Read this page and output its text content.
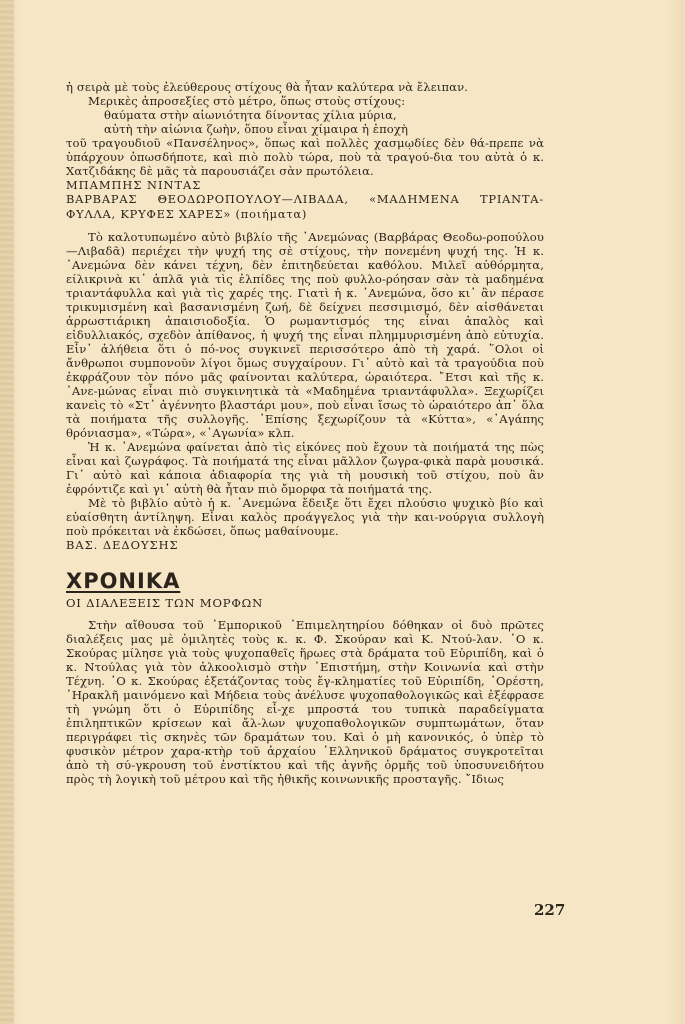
ἡ σειρὰ μὲ τοὺς ἐλεύθερους στίχους θὰ ἦταν καλύτερα νὰ ἔλειπαν.

Μερικὲς ἀπροσεξίες στὸ μέτρο, ὅπως στοὺς στίχους:

θαύματα στὴν αἰωνιότητα δίνοντας χίλια μύρια,

αὐτὴ τὴν αἰώνια ζωὴν, ὅπου εἶναι χίμαιρα ἡ ἐποχὴ

τοῦ τραγουδιοῦ «Πανσέληνος», ὅπως καὶ πολλὲς χασμῳδίες δὲν θά-πρεπε νὰ ὑπάρχουν ὁπωσδήποτε, καὶ πιὸ πολὺ τώρα, ποὺ τὰ τραγού-δια του αὐτὰ ὁ κ. Χατζιδάκης δὲ μᾶς τὰ παρουσιάζει σὰν πρωτόλεια.

ΜΠΑΜΠΗΣ ΝΙΝΤΑΣ

ΒΑΡΒΑΡΑΣ ΘΕΟΔΩΡΟΠΟΥΛΟΥ—ΛΙΒΑΔΑ, «ΜΑΔΗΜΕΝΑ ΤΡΙΑΝΤΑ-ΦΥΛΛΑ, ΚΡΥΦΕΣ ΧΑΡΕΣ» (ποιήματα)

Τὸ καλοτυπωμένο αὐτὸ βιβλίο τῆς ᾿Ανεμώνας (Βαρβάρας Θεοδω-ροπούλου—Λιβαδᾶ) περιέχει τὴν ψυχή της σὲ στίχους, τὴν πονεμένη ψυχή της. Ἡ κ. ᾿Ανεμώνα δὲν κάνει τέχνη, δὲν ἐπιτηδεύεται καθόλου. Μιλεῖ αὐθόρμητα, είλικρινὰ κι᾿ ἁπλᾶ γιὰ τὶς ἐλπίδες της ποὺ φυλλο-ρόησαν σὰν τὰ μαδημένα τριαντάφυλλα καὶ γιὰ τὶς χαρές της. Γιατὶ ἡ κ. ᾿Ανεμώνα, ὅσο κι᾿ ἂν πέρασε τρικυμισμένη καὶ βασανισμένη ζωή, δὲ δείχνει πεσσιμισμό, δὲν αἰσθάνεται ἀρρωστιάρικη ἀπαισιοδοξία. Ὁ ρωμαντισμός της εἶναι ἁπαλὸς καὶ εἰδυλλιακός, σχεδὸν ἀπίθανος, ἡ ψυχή της εἶναι πλημμυρισμένη ἀπὸ εὐτυχία. Εἶν᾿ ἀλήθεια ὅτι ὁ πό-νος συγκινεῖ περισσότερο ἀπὸ τὴ χαρά. ῞Ολοι οἱ ἄνθρωποι συμπονοῦν λίγοι ὅμως συγχαίρουν. Γι᾿ αὐτὸ καὶ τὰ τραγούδια ποὺ ἐκφράζουν τὸν πόνο μᾶς φαίνονται καλύτερα, ὡραιότερα. ῎Ετσι καὶ τῆς κ. ᾿Ανε-μώνας εἶναι πιὸ συγκινητικὰ τὰ «Μαδημένα τριαντάφυλλα». Ξεχωρίζει κανεὶς τὸ «Στ᾿ ἀγέννητο βλαστάρι μου», ποὺ εἶναι ἴσως τὸ ὡραιότερο ἀπ᾿ ὅλα τὰ ποιήματα τῆς συλλογῆς. ᾿Επίσης ξεχωρίζουν τὰ «Κύττα», «᾿Αγάπης θρόνιασμα», «Τώρα», «᾿Αγωνία» κλπ.

Ἡ κ. ᾿Ανεμώνα φαίνεται ἀπὸ τὶς εἰκόνες ποὺ ἔχουν τὰ ποιήματά της πὼς εἶναι καὶ ζωγράφος. Τὰ ποιήματά της εἶναι μᾶλλον ζωγρα-φικὰ παρὰ μουσικά. Γι᾿ αὐτὸ καὶ κάποια ἀδιαφορία της γιὰ τὴ μουσικὴ τοῦ στίχου, ποὺ ἂν ἐφρόντιζε καὶ γι᾿ αὐτὴ θὰ ἦταν πιὸ ὄμορφα τὰ ποιήματά της.

Μὲ τὸ βιβλίο αὐτὸ ἡ κ. ᾿Ανεμώνα ἔδειξε ὅτι ἔχει πλούσιο ψυχικὸ βίο καὶ εὐαίσθητη ἀντίληψη. Εἶναι καλὸς προάγγελος γιὰ τὴν και-νούργια συλλογὴ ποὺ πρόκειται νὰ ἐκδώσει, ὅπως μαθαίνουμε.

ΒΑΣ. ΔΕΔΟΥΣΗΣ

ΧΡΟΝΙΚΑ
ΟΙ ΔΙΑΛΕΞΕΙΣ ΤΩΝ ΜΟΡΦΩΝ

Στὴν αἴθουσα τοῦ ᾿Εμπορικοῦ ᾿Επιμελητηρίου δόθηκαν οἱ δυὸ πρῶτες διαλέξεις μας μὲ ὁμιλητὲς τοὺς κ. κ. Φ. Σκούραν καὶ Κ. Ντού-λαν. ῾Ο κ. Σκούρας μίλησε γιὰ τοὺς ψυχοπαθεῖς ἥρωες στὰ δράματα τοῦ Εὐριπίδη, καὶ ὁ κ. Ντούλας γιὰ τὸν ἀλκοολισμὸ στὴν ᾿Επιστήμη, στὴν Κοινωνία καὶ στὴν Τέχνη. ῾Ο κ. Σκούρας ἐξετάζοντας τοὺς ἔγ-κληματίες τοῦ Εὐριπίδη, ᾿Ορέστη, ῾Ηρακλῆ μαινόμενο καὶ Μήδεια τοὺς ἀνέλυσε ψυχοπαθολογικῶς καὶ ἐξέφρασε τὴ γνώμη ὅτι ὁ Εὐριπίδης εἶ-χε μπροστά του τυπικὰ παραδείγματα ἐπιληπτικῶν κρίσεων καὶ ἄλ-λων ψυχοπαθολογικῶν συμπτωμάτων, ὅταν περιγράφει τὶς σκηνὲς τῶν δραμάτων του. Καὶ ὁ μὴ κανονικός, ὁ ὑπὲρ τὸ φυσικὸν μέτρον χαρα-κτὴρ τοῦ ἀρχαίου ῾Ελληνικοῦ δράματος συγκροτεῖται ἀπὸ τὴ σύ-γκρουση τοῦ ἐνστίκτου καὶ τῆς ἀγνῆς ὁρμῆς τοῦ ὑποσυνειδήτου πρὸς τὴ λογικὴ τοῦ μέτρου καὶ τῆς ἠθικῆς κοινωνικῆς προσταγῆς. ῎Ιδιως

227
